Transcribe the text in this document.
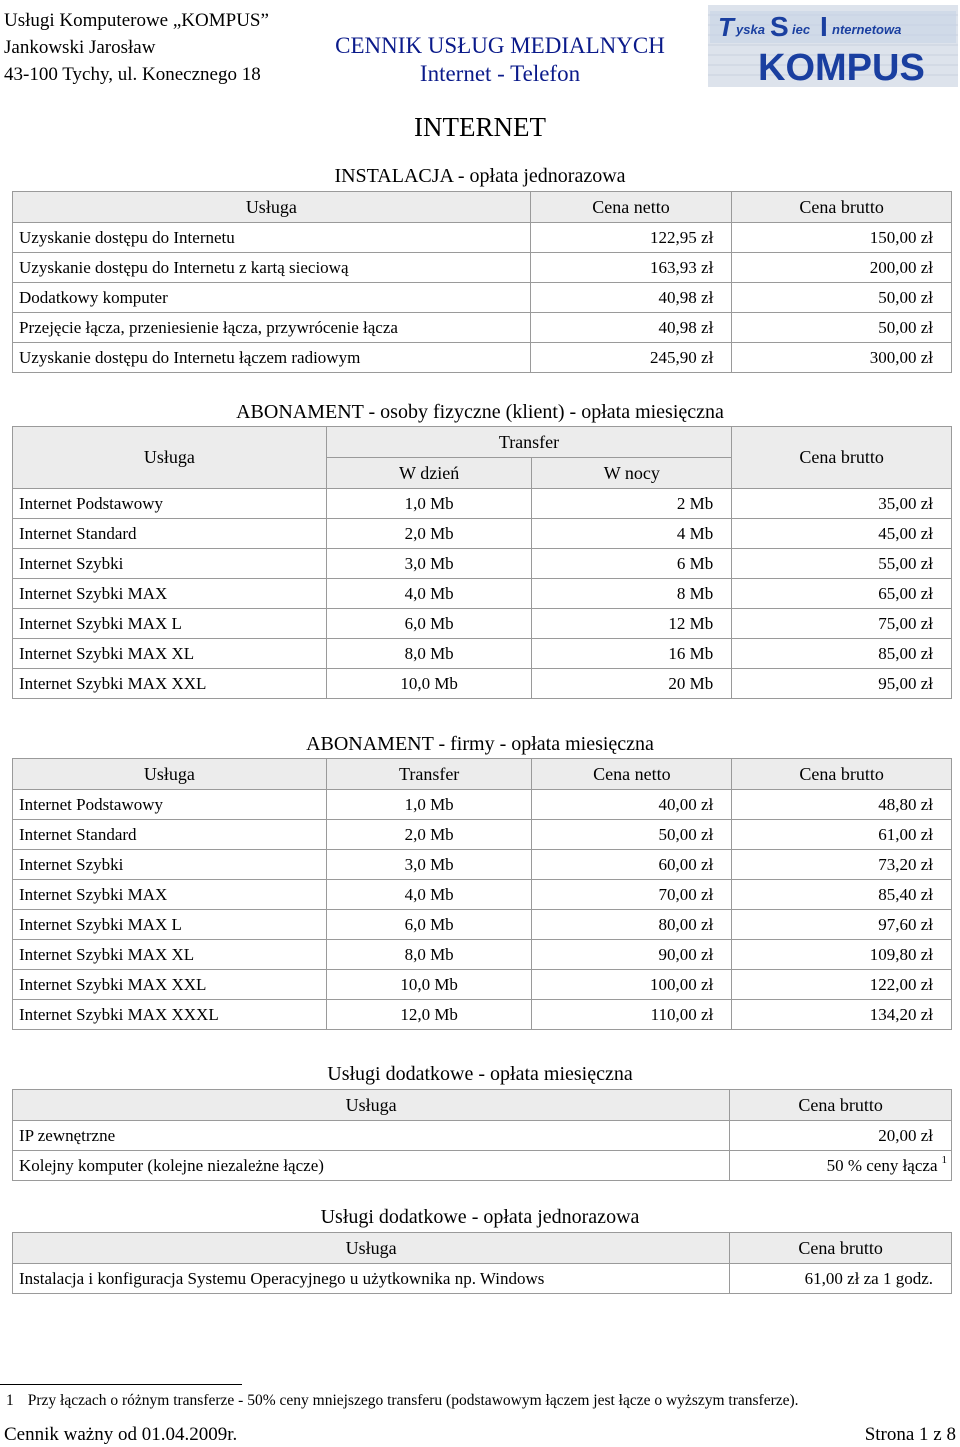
Usługi Komputerowe „KOMPUS”
Jankowski Jarosław
43-100 Tychy, ul. Konecznego 18
CENNIK USŁUG MEDIALNYCH
Internet - Telefon
T yska S iec I nternetowa
KOMPUS
INTERNET
INSTALACJA - opłata jednorazowa
Usługa	Cena netto	Cena brutto
Uzyskanie dostępu do Internetu	122,95 zł	150,00 zł
Uzyskanie dostępu do Internetu z kartą sieciową	163,93 zł	200,00 zł
Dodatkowy komputer	40,98 zł	50,00 zł
Przejęcie łącza, przeniesienie łącza, przywrócenie łącza	40,98 zł	50,00 zł
Uzyskanie dostępu do Internetu łączem radiowym	245,90 zł	300,00 zł
ABONAMENT - osoby fizyczne (klient) - opłata miesięczna
Usługa	Transfer		Cena brutto
	W dzień	W nocy	
Internet Podstawowy	1,0 Mb	2 Mb	35,00 zł
Internet Standard	2,0 Mb	4 Mb	45,00 zł
Internet Szybki	3,0 Mb	6 Mb	55,00 zł
Internet Szybki MAX	4,0 Mb	8 Mb	65,00 zł
Internet Szybki MAX L	6,0 Mb	12 Mb	75,00 zł
Internet Szybki MAX XL	8,0 Mb	16 Mb	85,00 zł
Internet Szybki MAX XXL	10,0 Mb	20 Mb	95,00 zł
ABONAMENT - firmy - opłata miesięczna
Usługa	Transfer	Cena netto	Cena brutto
Internet Podstawowy	1,0 Mb	40,00 zł	48,80 zł
Internet Standard	2,0 Mb	50,00 zł	61,00 zł
Internet Szybki	3,0 Mb	60,00 zł	73,20 zł
Internet Szybki MAX	4,0 Mb	70,00 zł	85,40 zł
Internet Szybki MAX L	6,0 Mb	80,00 zł	97,60 zł
Internet Szybki MAX XL	8,0 Mb	90,00 zł	109,80 zł
Internet Szybki MAX XXL	10,0 Mb	100,00 zł	122,00 zł
Internet Szybki MAX XXXL	12,0 Mb	110,00 zł	134,20 zł
Usługi dodatkowe - opłata miesięczna
Usługa	Cena brutto
IP zewnętrzne	20,00 zł
Kolejny komputer (kolejne niezależne łącze)	50 % ceny łącza $^1$
Usługi dodatkowe - opłata jednorazowa
Usługa	Cena brutto
Instalacja i konfiguracja Systemu Operacyjnego u użytkownika np. Windows	61,00 zł za 1 godz.
1 Przy łączach o różnym transferze - 50% ceny mniejszego transferu (podstawowym łączem jest łącze o wyższym transferze).
Cennik ważny od 01.04.2009r.	Strona 1 z 8
